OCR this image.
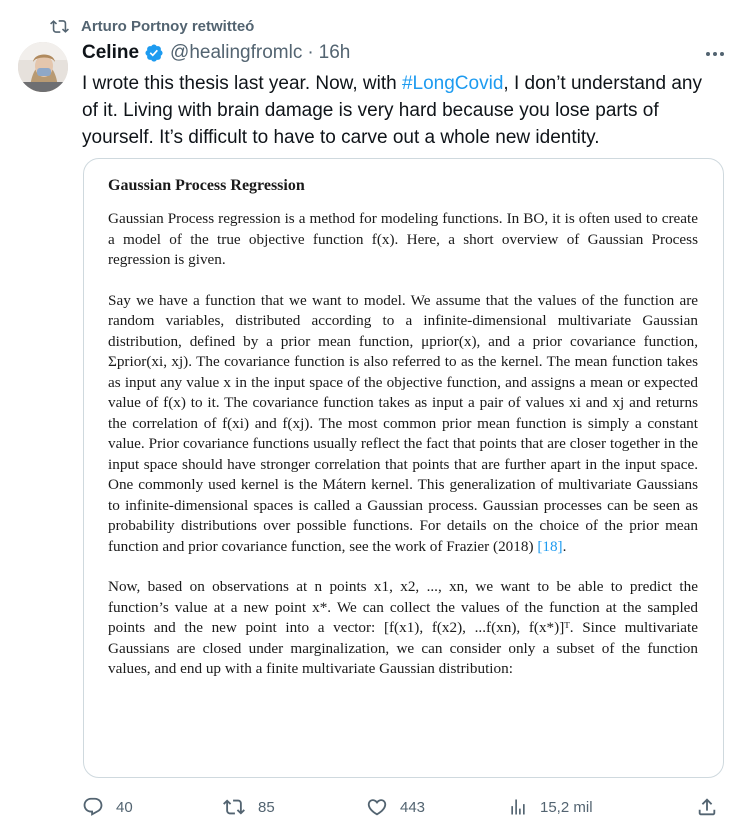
Arturo Portnoy retwitteó
Celine @healingfromlc · 16h
I wrote this thesis last year. Now, with #LongCovid, I don’t understand any of it. Living with brain damage is very hard because you lose parts of yourself. It’s difficult to have to carve out a whole new identity.
Gaussian Process Regression

Gaussian Process regression is a method for modeling functions. In BO, it is often used to create a model of the true objective function f(x). Here, a short overview of Gaussian Process regression is given.

Say we have a function that we want to model. We assume that the values of the function are random variables, distributed according to a infinite-dimensional multivariate Gaussian distribution, defined by a prior mean function, μprior(x), and a prior covariance function, Σprior(xi, xj). The covariance function is also referred to as the kernel. The mean function takes as input any value x in the input space of the objective function, and assigns a mean or expected value of f(x) to it. The covariance function takes as input a pair of values xi and xj and returns the correlation of f(xi) and f(xj). The most common prior mean function is simply a constant value. Prior covariance functions usually reflect the fact that points that are closer together in the input space should have stronger correlation that points that are further apart in the input space. One commonly used kernel is the Mátern kernel. This generalization of multivariate Gaussians to infinite-dimensional spaces is called a Gaussian process. Gaussian processes can be seen as probability distributions over possible functions. For details on the choice of the prior mean function and prior covariance function, see the work of Frazier (2018) [18].

Now, based on observations at n points x1, x2, ..., xn, we want to be able to predict the function’s value at a new point x*. We can collect the values of the function at the sampled points and the new point into a vector: [f(x1), f(x2), ...f(xn), f(x*)]ᵀ. Since multivariate Gaussians are closed under marginalization, we can consider only a subset of the function values, and end up with a finite multivariate Gaussian distribution:

40	85	443	15,2 mil
